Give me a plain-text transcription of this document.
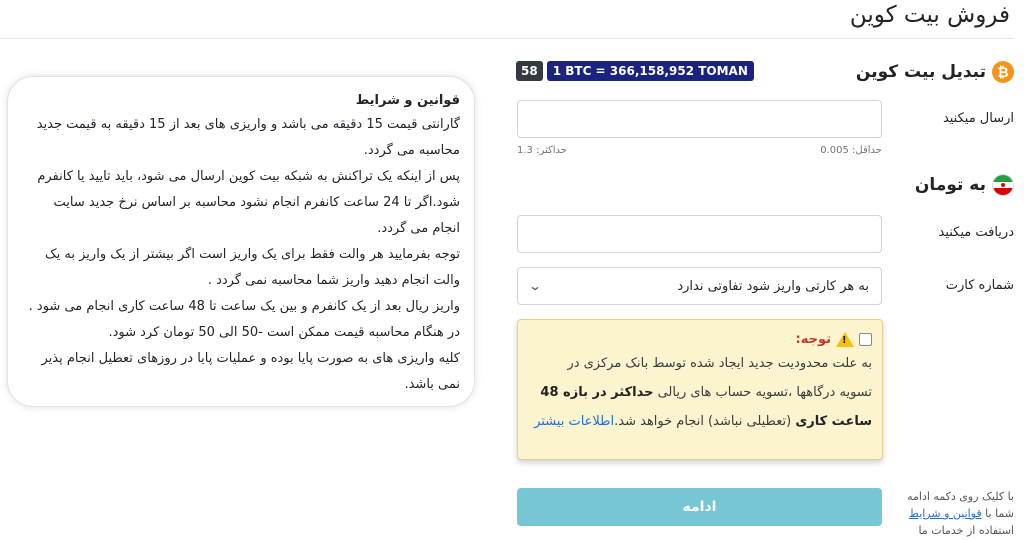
فروش بیت کوین
₿
تبدیل بیت کوین
58	1 BTC = 366,158,952 TOMAN
ارسال میکنید
حداقل: 0.005
حداکثر: 1.3
به تومان
دریافت میکنید
شماره کارت
به هر کارتی واریز شود تفاوتی ندارد
⌄
!
توجه:
به علت محدودیت جدید ایجاد شده توسط بانک مرکزی در
تسویه درگاهها ،تسویه حساب های ریالی حداکثر در بازه 48
ساعت کاری (تعطیلی نباشد) انجام خواهد شد.اطلاعات بیشتر
ادامه
با کلیک روی دکمه ادامه شما با قوانین و شرایط استفاده از خدمات ما
قوانین و شرایط
گارانتی قیمت 15 دقیقه می باشد و واریزی های بعد از 15 دقیقه به قیمت جدید
محاسبه می گردد.
پس از اینکه یک تراکنش به شبکه بیت کوین ارسال می شود، باید تایید یا کانفرم
شود.اگر تا 24 ساعت کانفرم انجام نشود محاسبه بر اساس نرخ جدید سایت
انجام می گردد.
توجه بفرمایید هر والت فقط برای یک واریز است اگر بیشتر از یک واریز به یک
والت انجام دهید واریز شما محاسبه نمی گردد .
واریز ریال بعد از یک کانفرم و بین یک ساعت تا 48 ساعت کاری انجام می شود .
در هنگام محاسبه قیمت ممکن است -50 الی 50 تومان کرد شود.
کلیه واریزی های به صورت پایا بوده و عملیات پایا در روزهای تعطیل انجام پذیر
نمی باشد.
